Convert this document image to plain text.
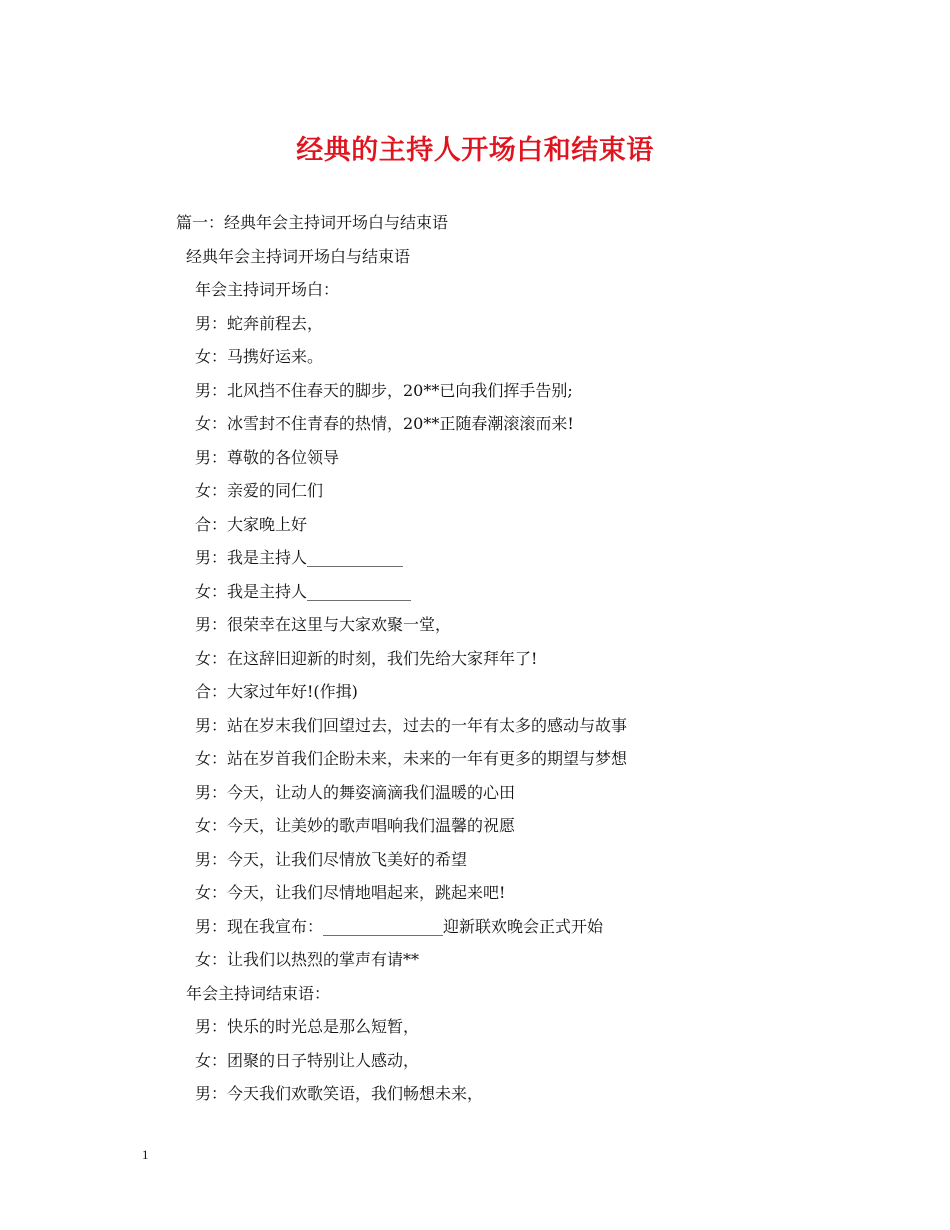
经典的主持人开场白和结束语
篇一：经典年会主持词开场白与结束语
经典年会主持词开场白与结束语
年会主持词开场白：
男：蛇奔前程去，
女：马携好运来。
男：北风挡不住春天的脚步，20**已向我们挥手告别;
女：冰雪封不住青春的热情，20**正随春潮滚滚而来!
男：尊敬的各位领导
女：亲爱的同仁们
合：大家晚上好
男：我是主持人____________
女：我是主持人_____________
男：很荣幸在这里与大家欢聚一堂，
女：在这辞旧迎新的时刻，我们先给大家拜年了!
合：大家过年好!(作揖)
男：站在岁末我们回望过去，过去的一年有太多的感动与故事
女：站在岁首我们企盼未来，未来的一年有更多的期望与梦想
男：今天，让动人的舞姿滴滴我们温暖的心田
女：今天，让美妙的歌声唱响我们温馨的祝愿
男：今天，让我们尽情放飞美好的希望
女：今天，让我们尽情地唱起来，跳起来吧!
男：现在我宣布：_______________迎新联欢晚会正式开始
女：让我们以热烈的掌声有请**
年会主持词结束语：
男：快乐的时光总是那么短暂，
女：团聚的日子特别让人感动，
男：今天我们欢歌笑语，我们畅想未来，
1
